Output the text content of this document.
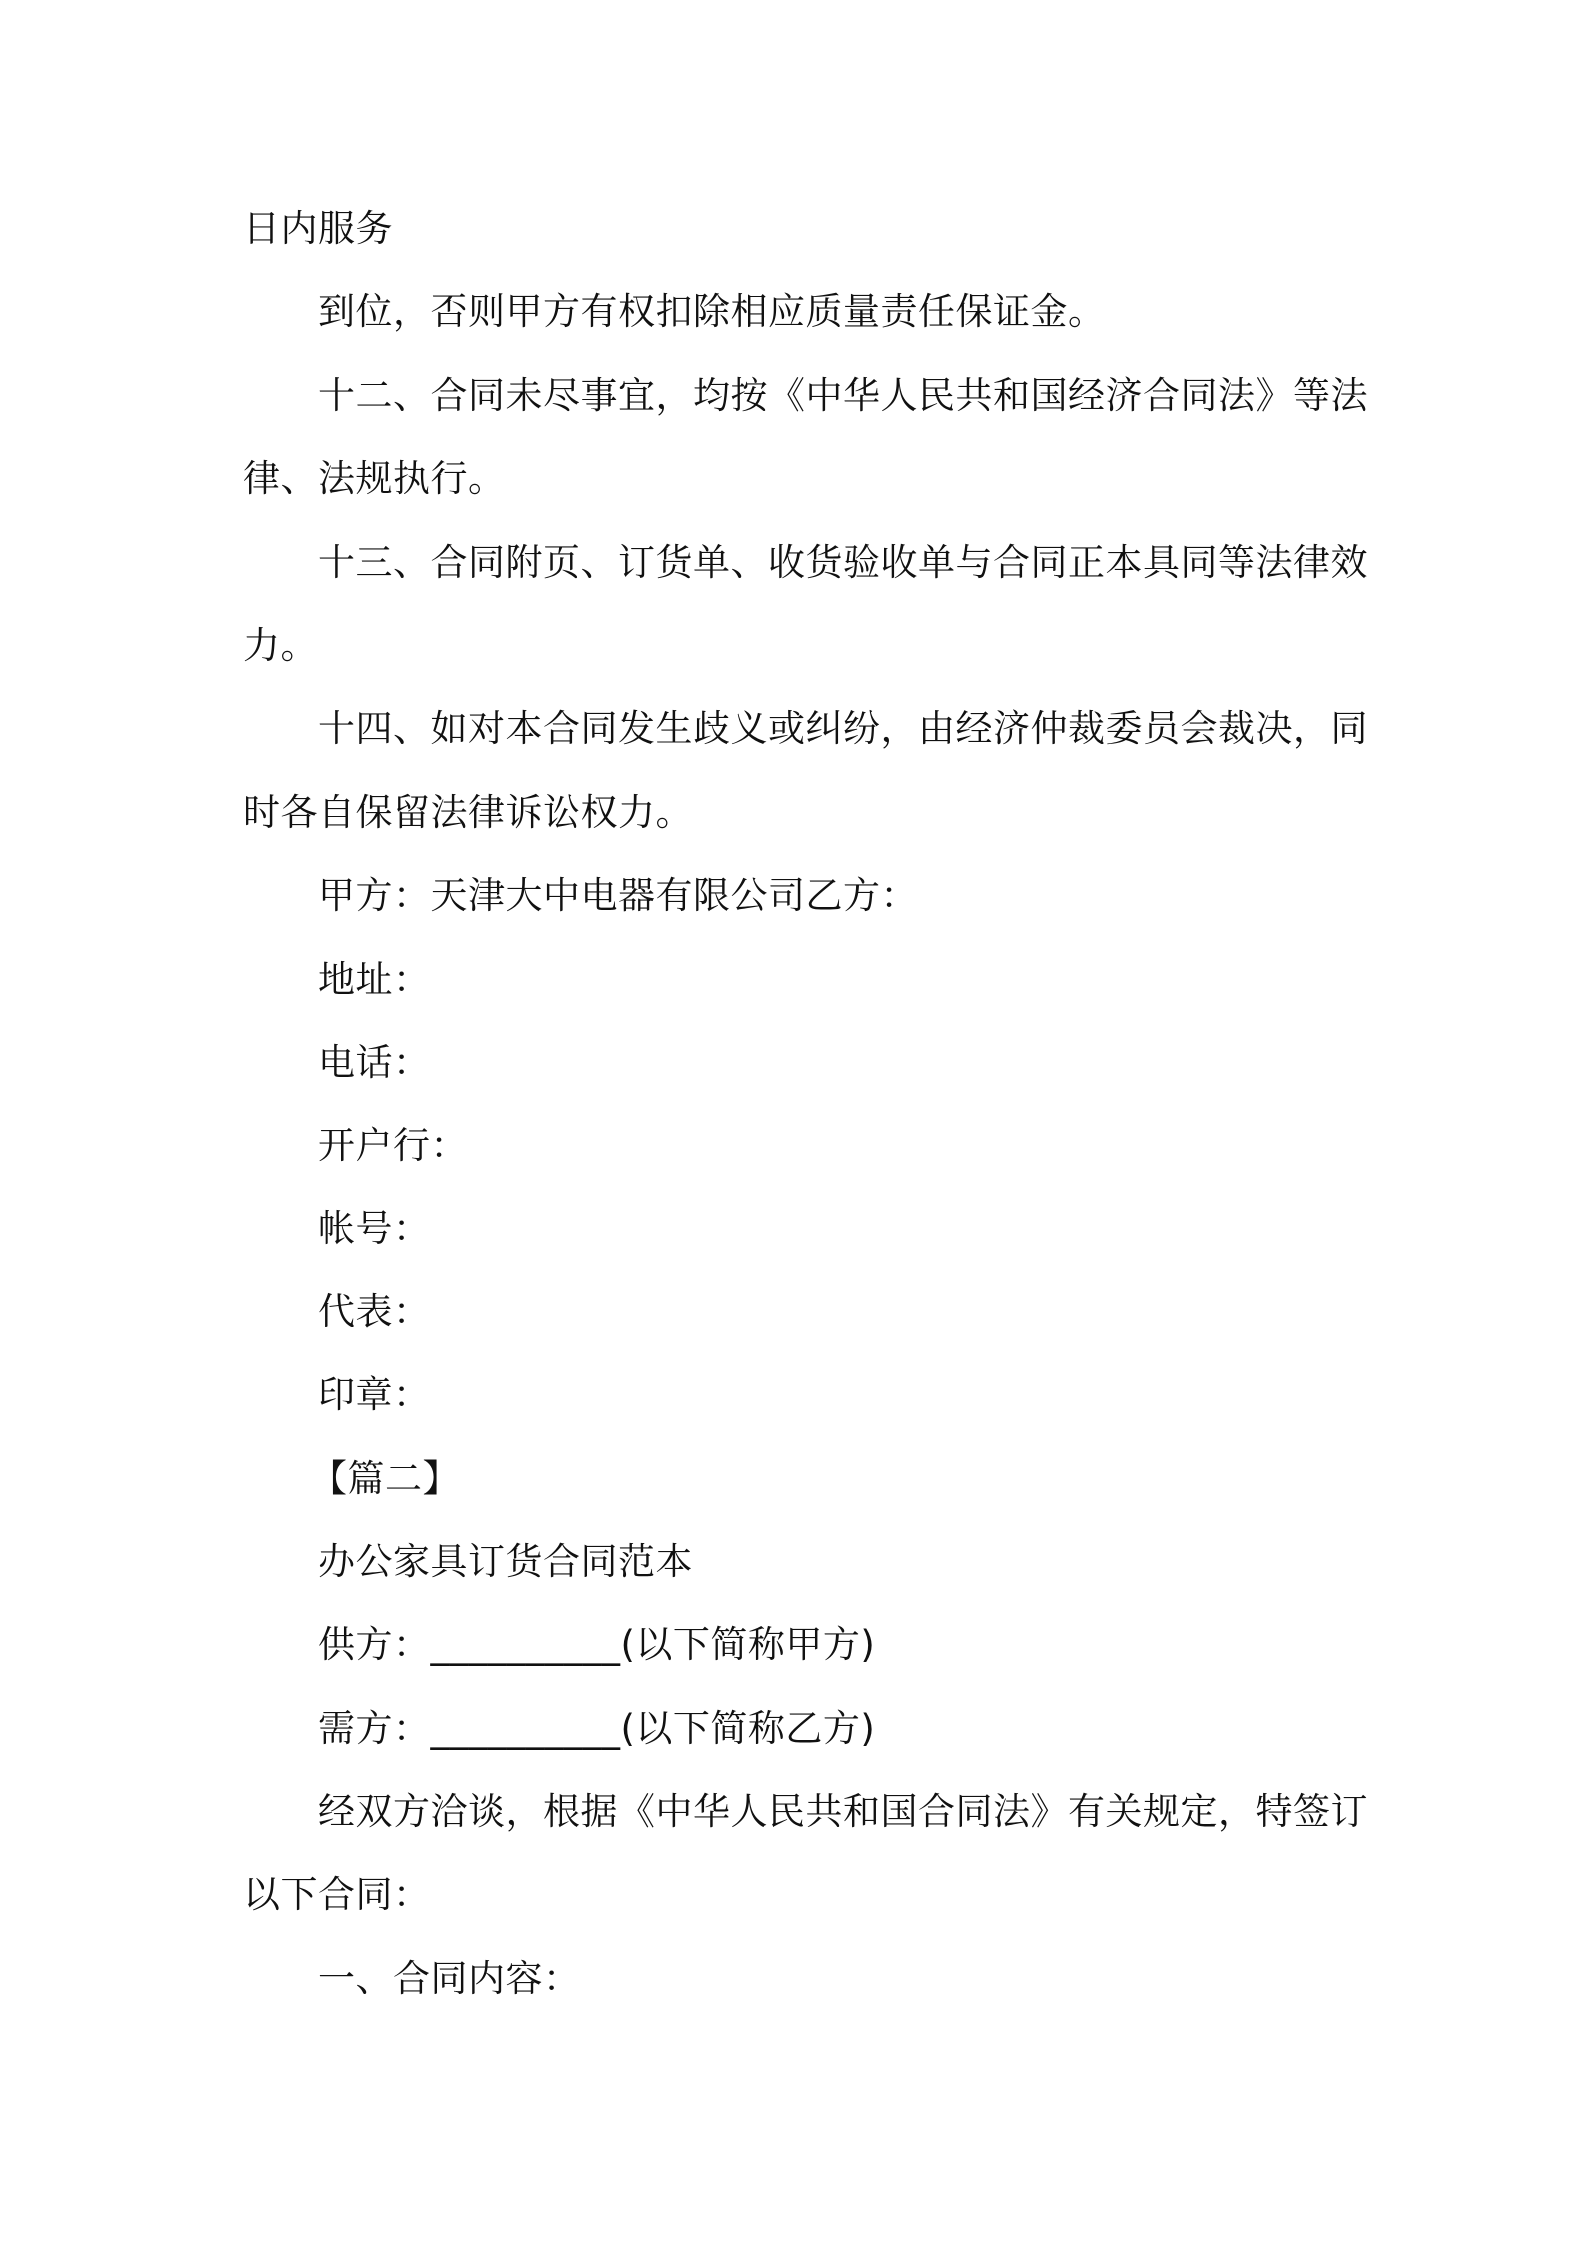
日内服务
到位，否则甲方有权扣除相应质量责任保证金。
十二、合同未尽事宜，均按《中华人民共和国经济合同法》等法
律、法规执行。
十三、合同附页、订货单、收货验收单与合同正本具同等法律效
力。
十四、如对本合同发生歧义或纠纷，由经济仲裁委员会裁决，同
时各自保留法律诉讼权力。
甲方：天津大中电器有限公司乙方：
地址：
电话：
开户行：
帐号：
代表：
印章：
【篇二】
办公家具订货合同范本
供方：__________(以下简称甲方)
需方：__________(以下简称乙方)
经双方洽谈，根据《中华人民共和国合同法》有关规定，特签订
以下合同：
一、合同内容：
